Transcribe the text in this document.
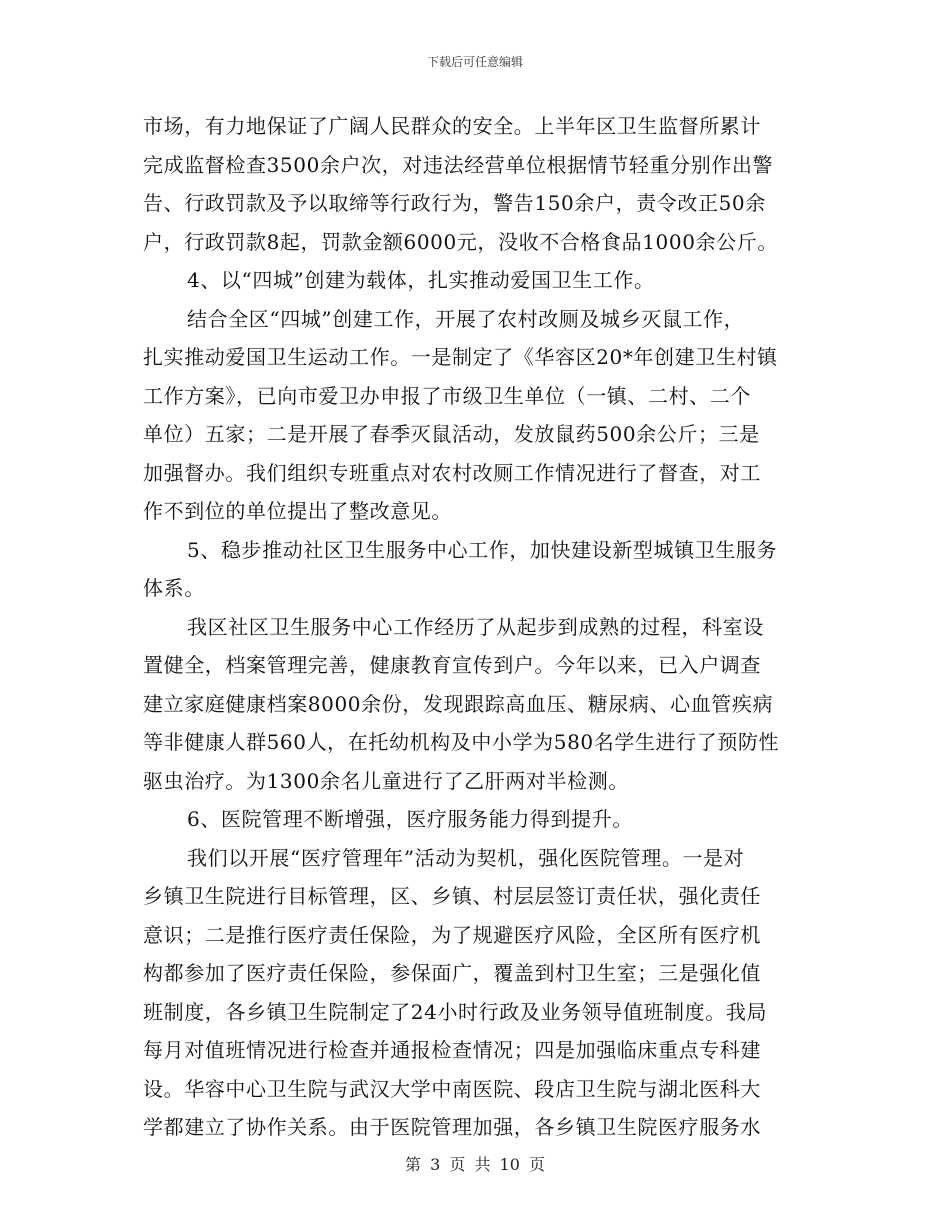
下载后可任意编辑
市场，有力地保证了广阔人民群众的安全。上半年区卫生监督所累计
完成监督检查3500余户次，对违法经营单位根据情节轻重分别作出警
告、行政罚款及予以取缔等行政行为，警告150余户，责令改正50余
户，行政罚款8起，罚款金额6000元，没收不合格食品1000余公斤。
4、以“四城”创建为载体，扎实推动爱国卫生工作。
结合全区“四城”创建工作，开展了农村改厕及城乡灭鼠工作，
扎实推动爱国卫生运动工作。一是制定了《华容区20*年创建卫生村镇
工作方案》，已向市爱卫办申报了市级卫生单位（一镇、二村、二个
单位）五家；二是开展了春季灭鼠活动，发放鼠药500余公斤；三是
加强督办。我们组织专班重点对农村改厕工作情况进行了督查，对工
作不到位的单位提出了整改意见。
5、稳步推动社区卫生服务中心工作，加快建设新型城镇卫生服务
体系。
我区社区卫生服务中心工作经历了从起步到成熟的过程，科室设
置健全，档案管理完善，健康教育宣传到户。今年以来，已入户调查
建立家庭健康档案8000余份，发现跟踪高血压、糖尿病、心血管疾病
等非健康人群560人，在托幼机构及中小学为580名学生进行了预防性
驱虫治疗。为1300余名儿童进行了乙肝两对半检测。
6、医院管理不断增强，医疗服务能力得到提升。
我们以开展“医疗管理年”活动为契机，强化医院管理。一是对
乡镇卫生院进行目标管理，区、乡镇、村层层签订责任状，强化责任
意识；二是推行医疗责任保险，为了规避医疗风险，全区所有医疗机
构都参加了医疗责任保险，参保面广，覆盖到村卫生室；三是强化值
班制度，各乡镇卫生院制定了24小时行政及业务领导值班制度。我局
每月对值班情况进行检查并通报检查情况；四是加强临床重点专科建
设。华容中心卫生院与武汉大学中南医院、段店卫生院与湖北医科大
学都建立了协作关系。由于医院管理加强，各乡镇卫生院医疗服务水
第 3 页 共 10 页
